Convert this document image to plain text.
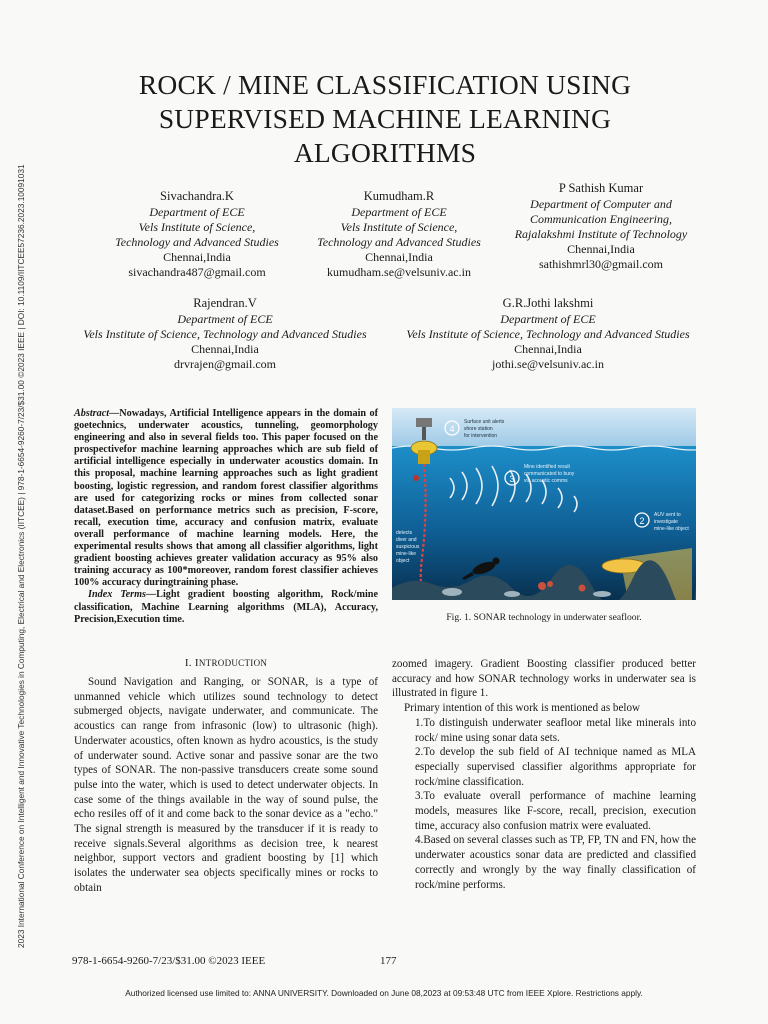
2023 International Conference on Intelligent and Innovative Technologies in Computing, Electrical and Electronics (IITCEE) | 978-1-6654-9260-7/23/$31.00 ©2023 IEEE | DOI: 10.1109/IITCEE57236.2023.10091031
ROCK / MINE CLASSIFICATION USING
SUPERVISED MACHINE LEARNING
ALGORITHMS
Sivachandra.K
Department of ECE
Vels Institute of Science,
Technology and Advanced Studies
Chennai,India
sivachandra487@gmail.com
Kumudham.R
Department of ECE
Vels Institute of Science,
Technology and Advanced Studies
Chennai,India
kumudham.se@velsuniv.ac.in
P Sathish Kumar
Department of Computer and
Communication Engineering,
Rajalakshmi Institute of Technology
Chennai,India
sathishmrl30@gmail.com
Rajendran.V
Department of ECE
Vels Institute of Science, Technology and Advanced Studies
Chennai,India
drvrajen@gmail.com
G.R.Jothi lakshmi
Department of ECE
Vels Institute of Science, Technology and Advanced Studies
Chennai,India
jothi.se@velsuniv.ac.in

Abstract—Nowadays, Artificial Intelligence appears in the domain of goetechnics, underwater acoustics, tunneling, geomorphology engineering and also in several fields too. This paper focused on the prospectivefor machine learning approaches which are sub field of artificial intelligence especially in underwater acoustics domain. In this proposal, machine learning approaches such as light gradient boosting, logistic regression, and random forest classifier algorithms are used for categorizing rocks or mines from collected sonar dataset.Based on performance metrics such as precision, F-score, recall, execution time, accuracy and confusion matrix, evaluate overall performance of machine learning models. Here, the experimental results shows that among all classifier algorithms, light gradient boosting achieves greater validation accuracy as 95% also training accuracy as 100*moreover, random forest classifier achieves 100% accuracy duringtraining phase.

Index Terms—Light gradient boosting algorithm, Rock/mine classification, Machine Learning algorithms (MLA), Accuracy, Precision,Execution time.

4
Surface unit alerts
shore station
for intervention
3
Mine identified result
communicated to buoy
via acoustic comms
2
AUV sent to
investigate
mine-like object
detects
diver and
suspicious
mine-like
object
Fig. 1. SONAR technology in underwater seafloor.
I. INTRODUCTION

Sound Navigation and Ranging, or SONAR, is a type of unmanned vehicle which utilizes sound technology to detect submerged objects, navigate underwater, and communicate. The acoustics can range from infrasonic (low) to ultrasonic (high). Underwater acoustics, often known as hydro acoustics, is the study of underwater sound. Active sonar and passive sonar are the two types of SONAR. The non-passive transducers create some sound pulse into the water, which is used to detect underwater objects. In case some of the things available in the way of sound pulse, the echo resiles off of it and come back to the sonar device as a "echo." The signal strength is measured by the transducer if it is ready to receive signals.Several algorithms as decision tree, k nearest neighbor, support vectors and gradient boosting by [1] which isolates the underwater sea objects specifically mines or rocks to obtain

zoomed imagery. Gradient Boosting classifier produced better accuracy and how SONAR technology works in underwater sea is illustrated in figure 1.

Primary intention of this work is mentioned as below

1.To distinguish underwater seafloor metal like minerals into rock/ mine using sonar data sets.

2.To develop the sub field of AI technique named as MLA especially supervised classifier algorithms appropriate for rock/mine classification.

3.To evaluate overall performance of machine learning models, measures like F-score, recall, precision, execution time, accuracy also confusion matrix were evaluated.

4.Based on several classes such as TP, FP, TN and FN, how the underwater acoustics sonar data are predicted and classified correctly and wrongly by the way finally classification of rock/mine performs.

978-1-6654-9260-7/23/$31.00 ©2023 IEEE	177
Authorized licensed use limited to: ANNA UNIVERSITY. Downloaded on June 08,2023 at 09:53:48 UTC from IEEE Xplore. Restrictions apply.
